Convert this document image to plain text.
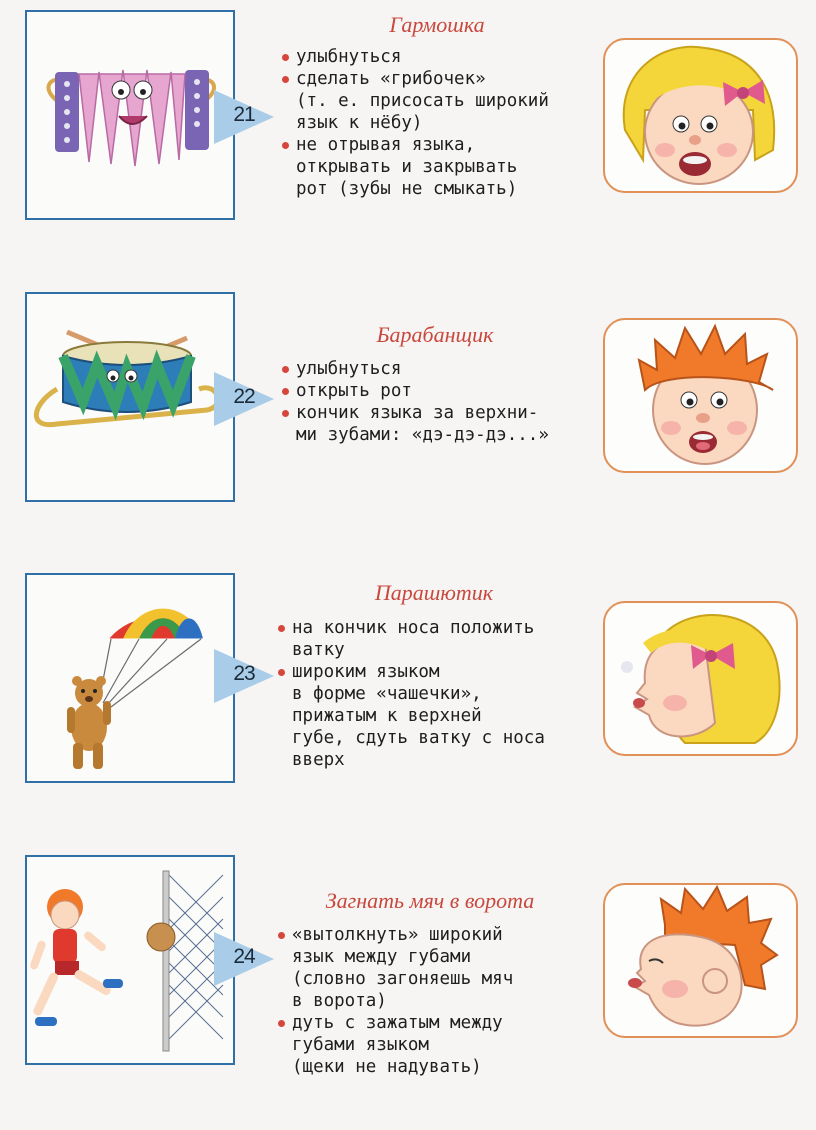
21
Гармошка
улыбнуться
сделать «грибочек»
(т. е. присосать широкий
язык к нёбу)
не отрывая языка,
открывать и закрывать
рот (зубы не смыкать)
22
Барабанщик
улыбнуться
открыть рот
кончик языка за верхни-
ми зубами: «дэ-дэ-дэ...»
23
Парашютик
на кончик носа положить
ватку
широким языком
в форме «чашечки»,
прижатым к верхней
губе, сдуть ватку с носа
вверх
24
Загнать мяч в ворота
«вытолкнуть» широкий
язык между губами
(словно загоняешь мяч
в ворота)
дуть с зажатым между
губами языком
(щеки не надувать)
